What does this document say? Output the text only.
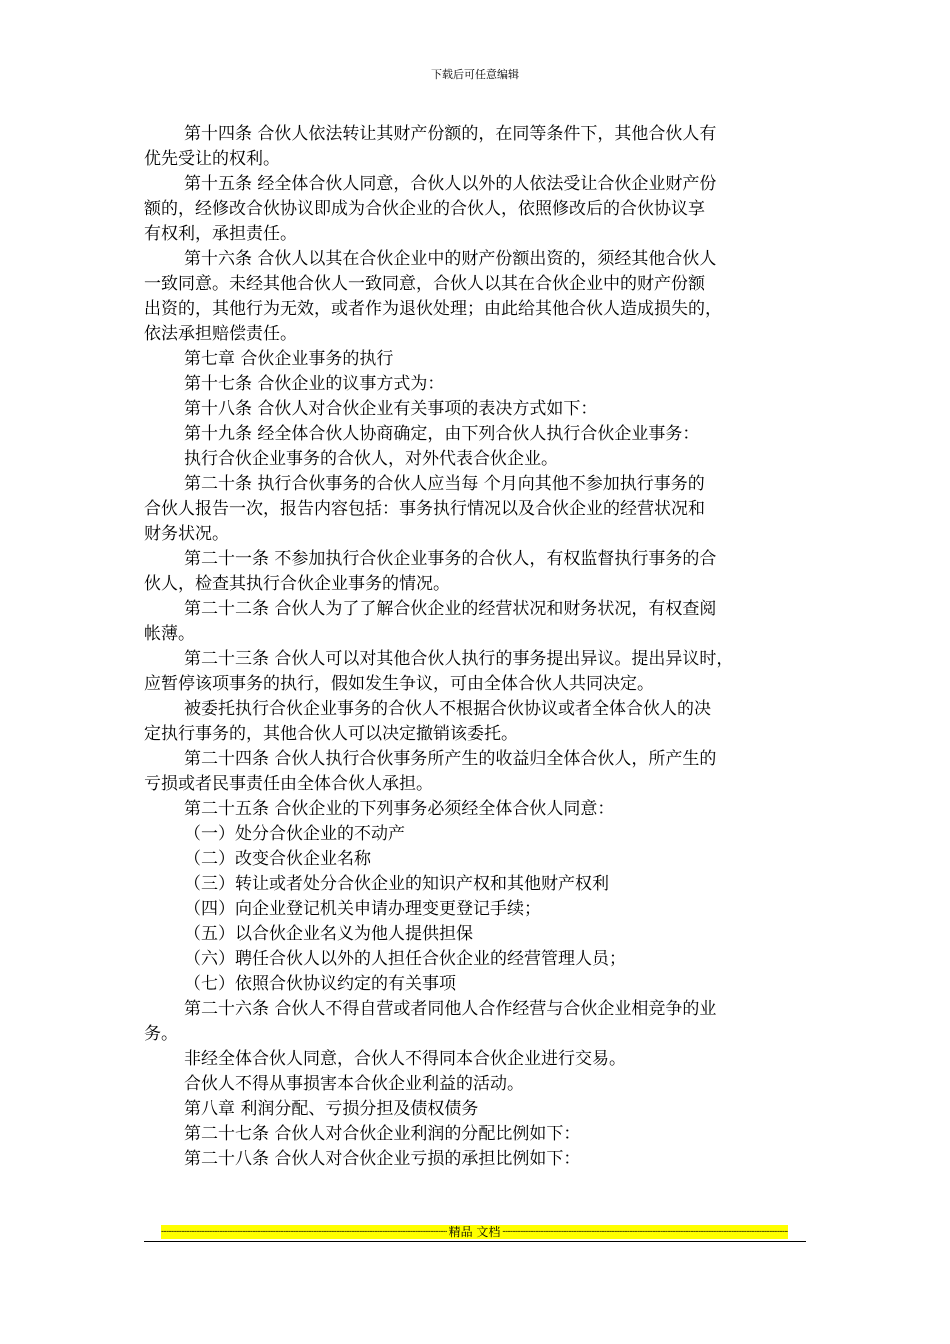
下载后可任意编辑
第十四条 合伙人依法转让其财产份额的，在同等条件下，其他合伙人有
优先受让的权利。
第十五条 经全体合伙人同意，合伙人以外的人依法受让合伙企业财产份
额的，经修改合伙协议即成为合伙企业的合伙人，依照修改后的合伙协议享
有权利，承担责任。
第十六条 合伙人以其在合伙企业中的财产份额出资的，须经其他合伙人
一致同意。未经其他合伙人一致同意，合伙人以其在合伙企业中的财产份额
出资的，其他行为无效，或者作为退伙处理；由此给其他合伙人造成损失的，
依法承担赔偿责任。
第七章 合伙企业事务的执行
第十七条 合伙企业的议事方式为：
第十八条 合伙人对合伙企业有关事项的表决方式如下：
第十九条 经全体合伙人协商确定，由下列合伙人执行合伙企业事务：
执行合伙企业事务的合伙人，对外代表合伙企业。
第二十条 执行合伙事务的合伙人应当每 个月向其他不参加执行事务的
合伙人报告一次，报告内容包括：事务执行情况以及合伙企业的经营状况和
财务状况。
第二十一条 不参加执行合伙企业事务的合伙人，有权监督执行事务的合
伙人，检查其执行合伙企业事务的情况。
第二十二条 合伙人为了了解合伙企业的经营状况和财务状况，有权查阅
帐薄。
第二十三条 合伙人可以对其他合伙人执行的事务提出异议。提出异议时，
应暂停该项事务的执行，假如发生争议，可由全体合伙人共同决定。
被委托执行合伙企业事务的合伙人不根据合伙协议或者全体合伙人的决
定执行事务的，其他合伙人可以决定撤销该委托。
第二十四条 合伙人执行合伙事务所产生的收益归全体合伙人，所产生的
亏损或者民事责任由全体合伙人承担。
第二十五条 合伙企业的下列事务必须经全体合伙人同意：
（一）处分合伙企业的不动产
（二）改变合伙企业名称
（三）转让或者处分合伙企业的知识产权和其他财产权利
（四）向企业登记机关申请办理变更登记手续；
（五）以合伙企业名义为他人提供担保
（六）聘任合伙人以外的人担任合伙企业的经营管理人员；
（七）依照合伙协议约定的有关事项
第二十六条 合伙人不得自营或者同他人合作经营与合伙企业相竞争的业
务。
非经全体合伙人同意，合伙人不得同本合伙企业进行交易。
合伙人不得从事损害本合伙企业利益的活动。
第八章 利润分配、亏损分担及债权债务
第二十七条 合伙人对合伙企业利润的分配比例如下：
第二十八条 合伙人对合伙企业亏损的承担比例如下：
-----
精品 文档
-----
